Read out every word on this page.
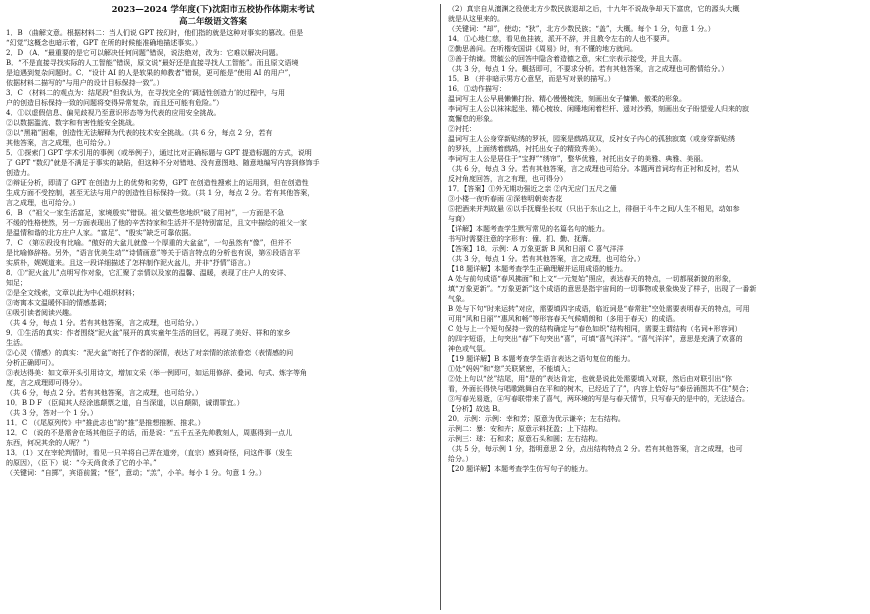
2023—2024 学年度(下)沈阳市五校协作体期末考试
高二年级语文答案
1．B （曲解文意。根据材料二：当人们说 GPT 按幻时，他们指的就是这种对事实的篡改。但是
“幻觉”这概念也暗示着，GPT 在所的时候能准确地描述事实。）
2．D （A．“最重要的是它可以解决任何问题”错误，说法绝对，改为：它难以解决问题。
B．“不是直接寻找实际的人工智能”错误，原文说“最好还是直接寻找人工智能”。而且原文语境
是迫遇到复杂问题时。C．“设计 AI 的人是软果的帅教者”错误，更可能是“使用 AI 的用户”，
依据材料二描写的“与用户的设计目标保持一致”。）
3．C （材料二的观点为：结尾段“但我认为，在寻找完全的‘调适性创造力’的过程中，与用
户的创造目标保持一致的问题将变得异常复杂，而且还可能有危险。”）
4．①以虚假信息、偏见歧视乃至意识形态等为代表的应用安全挑战。
②以数据滥流、数字和有害性能安全挑战。
③以“黑箱”困难，创造性无法解释为代表的技术安全挑战。（共 6 分，每点 2 分，若有
其他答案，言之成理，也可给分。）
5．①探索门 GPT 学术引用的事例（或举例子），通过比对正确标题与 GPT 提造标题的方式，说明
了 GPT “数幻”就是不满足于事实的缺陷，但这种不分对错地、没有意图地、随意地编写内容到修饰手
创造力。
②辩证分析，即清了 GPT 在创造力上的优势和劣势，GPT 在创造性搜索上的运用到，但在创造性
生成方面不受控制，甚至无法与用户的创造性目标保持一致。（共 1 分，每点 2 分。若有其他答案，
言之成理，也可给分。）
6．B （“祖父一家生活富足，家境殷实”错误。祖父做些您地织“破了用衬”，一方面是不急
不缓的性格使然，另一方面表现出了他的辛苦持家和生活并不是特别富足，且文中描绘的祖父一家
是温情和谐的北方庄户人家。“富足”、“殷实”缺乏可靠依据。
7．C （第⑥段没有比喻。“傲好的大盆儿就像一个厚重的大盆盆”，一句虽然有“像”，但并不
是比喻修辞格。另外，“语言优美生动”“诗情画意”等关于语言特点的分析也有误，第⑥段语言平
实质朴，娓娓道来。且这一段详细描述了怎样制作泥火盆儿，并非“抒情”语言。）
8．①“泥火盆儿”点明写作对象，它汇聚了亲情以及家的温馨、温暖，表现了庄户人的安详、
知足；
②是全文线索，文章以此为中心组织材料；
③寄寓本文温暖怀旧的情感基调；
④吸引读者阅读兴趣。
（共 4 分，每点 1 分。若有其他答案，言之成理，也可给分。）
9．①生活的真实：作者围绕“泥火盆”展开的真实童年生活的回忆，再现了美好、祥和的家乡
生活。
②心灵（情感）的真实：“泥火盆”寄托了作者的深情，表达了对亲情的浓浓眷恋（表情感的问
分析正确即可）。
③表达得美：如文章开头引用诗文，增加文采（举一例即可，如运用修辞、叠词、句式、炼字等角
度，言之成理即可得分）。
（共 6 分，每点 2 分。若有其他答案，言之成理，也可给分。）
10．B D F （臣闻其人经涂逃颠票之道，自当深道，以自颠陨，诚谓罪宜。）
（共 3 分，答对一个 1 分。）
11．C （《尾原列传》中“推此志也”的“推”是推想推断、推求。）
12．C （说的不是需舍在场其他臣子的话，而是说：“五千五圣先帅教刻人，周惠得到一点儿
东西，何况其余的人呢？”）
13．（1）又在宰轮判情时，看见一只羊将自己弄在道旁，（直宗）感到奇怪，问这件事（发生
的原因），（臣下）说：“今天尚食杀了它的小羊。”
（关键词：“自掷”，宾语前置；“怪”，意动；“羔”，小羊。每小 1 分。句意 1 分。）
（2）真宗自从澶渊之役使北方少数民族退却之后，十九年不说战争却天下富庶，它的源头大概
就是从这里来的。
（关键词：“却”，使动；“狄”，北方少数民族；“盖”，大概。每个 1 分，句意 1 分。）
14．①心地仁慈，看见鱼挂被，派开不辞，并且教令左右的人也不要声。
②勤思善问。在听楷安国讲《周易》时，有不懂的地方就问。
③善于纳谏。贯毓公的回答中隐含着造德之意，宋仁宗表示接受，并且大喜。
（共 3 分，每点 1 分。概括即可，不要求分析。若有其他答案，言之成理也可酌情给分。）
15．B （并非暗示男方心意坚，而是写对景的描写。）
16．①动作描写：
温词写主人公早晨懒懒打扮、精心慢慢梳洗，刻画出女子慵懒、傲柔的形象。
李词写主人公以袜袜起坐、精心梳妆、闲睡地闲着栏杆、遥对沙鸦，刻画出女子盼望爱人归来的寂
寞懈怠的形象。
②衬托：
温词写主人公身穿新贴绣的罗袄，园案是鹧鸪双双，反衬女子内心的孤独寂寞（或身穿新贴绣
的罗袄，上面绣着鹧鸪，衬托出女子的精致秀美）。
李词写主人公是居住于“宝押”“绣帘”，整华优雅，衬托出女子的美雅、典雅、美丽。
（共 6 分，每点 3 分。若有其他答案，言之成理也可给分。本题两首词均有正衬和反衬，若从
反衬角度回答，言之有理，也可得分）
17．【答案】①外无期功强近之亲 ②内无应门五尺之僮
③小楼一夜听春雨 ④深巷明朝卖杏花
⑤把酒来并判故悬 ⑥以手抚膺坐长叹（只出于东山之上，徘徊于斗牛之间/人生不相见，动如参
与商）
【详解】本题考查学生默写常见的名篇名句的能力。
书写时需要注意的字形有：僮、扪、勤、抚膺。
【答案】18．示例：A 万象更新 B 风和日丽 C 喜气洋洋
（共 3 分，每点 1 分。若有其他答案，言之成理，也可给分。）
【18 题详解】本题考查学生正确理解并运用成语的能力。
A 处与前句成语“春风拂面”和上文“一元复始”照应，表达春天的特点，一切都展新貌的形象，
填“万象更新”。“万象更新”这个成语的意思是指宇宙间的一切事物或景象焕发了样子，出现了一番新
气象。
B 处与下句“时来运转”对应，需要填四字成语，临近词是“春常驻”空处需要表明春天的特点，可用
可用“风和日丽”“惠风和畅”等形容春天气候晴朗和（多用于春天）的成语。
C 处与上一个短句保持一致的结构确定与“春色如织”结构相同，需要主谓结构（名词+形容词）
的四字短语，上句突出“春”下句突出“喜”，可填“喜气洋洋”。“喜气洋洋”，意思是充满了欢喜的
神色或气氛。
【19 题详解】B 本题考查学生语言表达之语句复位的能力。
①处“妈妈”和“您”关联紧密，不能填入；
②处上句以“丝”结尾，用“是的”表达肯定，也就是说此处需要填入对联，然后由对联引出“你
看，外面长得快与唱歌跳舞自在平和的树木，已经近了了”，内容上恰好与“泰岳涌图共不住”契合；
③写春光易逝，④写春联带来了喜气，两环境的写是与春天情节，只写春天的是中的，无法适合。
【分析】故选 B。
20．示例：示例：幸和芳；原意为优示谦辛；左右结构。
示例二：暴：安和卉；原意示料抚盈；上下结构。
示例三：球：石和求；原意石头和圆；左右结构。
（共 5 分，每示例 1 分，指明意思 2 分，点出结构特点 2 分。若有其他答案，言之成理，也可
给分。）
【20 题详解】本题考查学生仿写句子的能力。
